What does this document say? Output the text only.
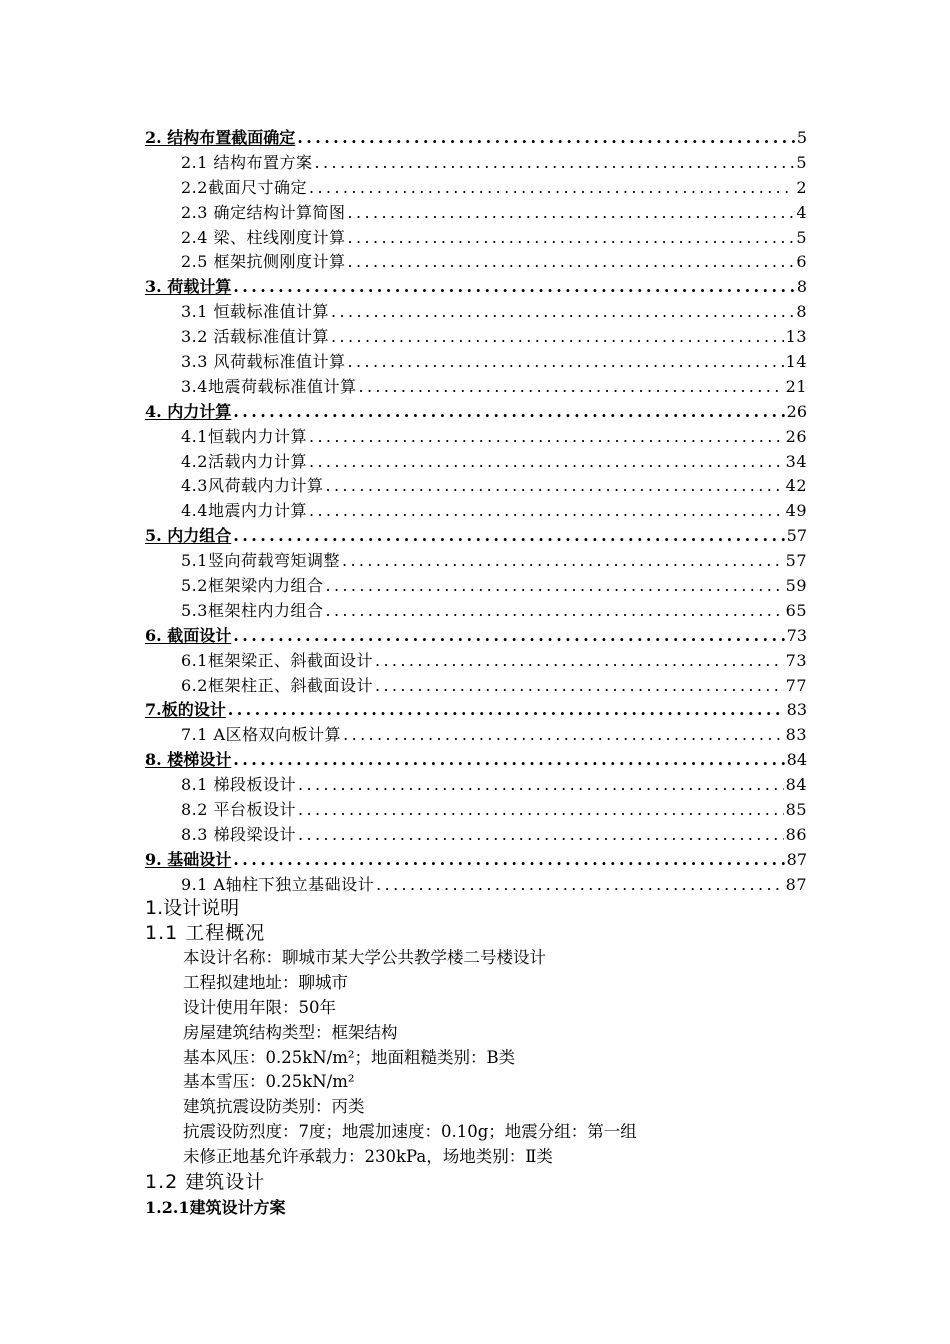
2. 结构布置截面确定 .....	5
2.1 结构布置方案 .....	5
2.2截面尺寸确定 .....	2
2.3 确定结构计算简图 .....	4
2.4 梁、柱线刚度计算 .....	5
2.5 框架抗侧刚度计算 .....	6
3. 荷载计算 .....	8
3.1 恒载标准值计算 .....	8
3.2 活载标准值计算 .....	13
3.3 风荷载标准值计算 .....	14
3.4地震荷载标准值计算 .....	21
4. 内力计算 .....	26
4.1恒载内力计算 .....	26
4.2活载内力计算 .....	34
4.3风荷载内力计算 .....	42
4.4地震内力计算 .....	49
5. 内力组合 .....	57
5.1竖向荷载弯矩调整 .....	57
5.2框架梁内力组合 .....	59
5.3框架柱内力组合 .....	65
6. 截面设计 .....	73
6.1框架梁正、斜截面设计 .....	73
6.2框架柱正、斜截面设计 .....	77
7.板的设计 .....	83
7.1 A区格双向板计算 .....	83
8. 楼梯设计 .....	84
8.1 梯段板设计 .....	84
8.2 平台板设计 .....	85
8.3 梯段梁设计 .....	86
9. 基础设计 .....	87
9.1 A轴柱下独立基础设计 .....	87
1.设计说明
1.1 工程概况
本设计名称：聊城市某大学公共教学楼二号楼设计
工程拟建地址：聊城市
设计使用年限：50年
房屋建筑结构类型：框架结构
基本风压：0.25kN/m²；地面粗糙类别：B类
基本雪压：0.25kN/m²
建筑抗震设防类别：丙类
抗震设防烈度：7度；地震加速度：0.10g；地震分组：第一组
未修正地基允许承载力：230kPa，场地类别：Ⅱ类
1.2 建筑设计
1.2.1建筑设计方案
